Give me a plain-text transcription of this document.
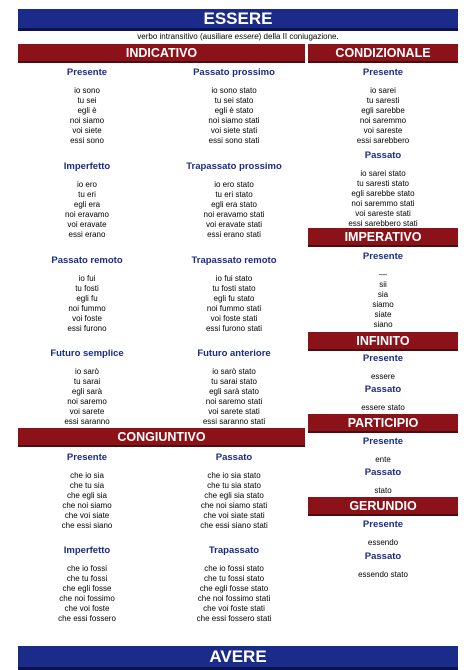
ESSERE
verbo intransitivo (ausiliare essere) della II coniugazione.
INDICATIVO	CONDIZIONALE
CONGIUNTIVO
IMPERATIVO
INFINITO
PARTICIPIO
GERUNDIO
Presente
io sono
tu sei
egli è
noi siamo
voi siete
essi sono
Passato prossimo
io sono stato
tu sei stato
egli è stato
noi siamo stati
voi siete stati
essi sono stati
Imperfetto
io ero
tu eri
egli era
noi eravamo
voi eravate
essi erano
Trapassato prossimo
io ero stato
tu eri stato
egli era stato
noi eravamo stati
voi eravate stati
essi erano stati
Passato remoto
io fui
tu fosti
egli fu
noi fummo
voi foste
essi furono
Trapassato remoto
io fui stato
tu fosti stato
egli fu stato
noi fummo stati
voi foste stati
essi furono stati
Futuro semplice
io sarò
tu sarai
egli sarà
noi saremo
voi sarete
essi saranno
Futuro anteriore
io sarò stato
tu sarai stato
egli sarà stato
noi saremo stati
voi sarete stati
essi saranno stati
Presente
che io sia
che tu sia
che egli sia
che noi siamo
che voi siate
che essi siano
Passato
che io sia stato
che tu sia stato
che egli sia stato
che noi siamo stati
che voi siate stati
che essi siano stati
Imperfetto
che io fossi
che tu fossi
che egli fosse
che noi fossimo
che voi foste
che essi fossero
Trapassato
che io fossi stato
che tu fossi stato
che egli fosse stato
che noi fossimo stati
che voi foste stati
che essi fossero stati
Presente
io sarei
tu saresti
egli sarebbe
noi saremmo
voi sareste
essi sarebbero
Passato
io sarei stato
tu saresti stato
egli sarebbe stato
noi saremmo stati
voi sareste stati
essi sarebbero stati
Presente
—
sii
sia
siamo
siate
siano
Presente
essere
Passato
essere stato
Presente
ente
Passato
stato
Presente
essendo
Passato
essendo stato
AVERE
